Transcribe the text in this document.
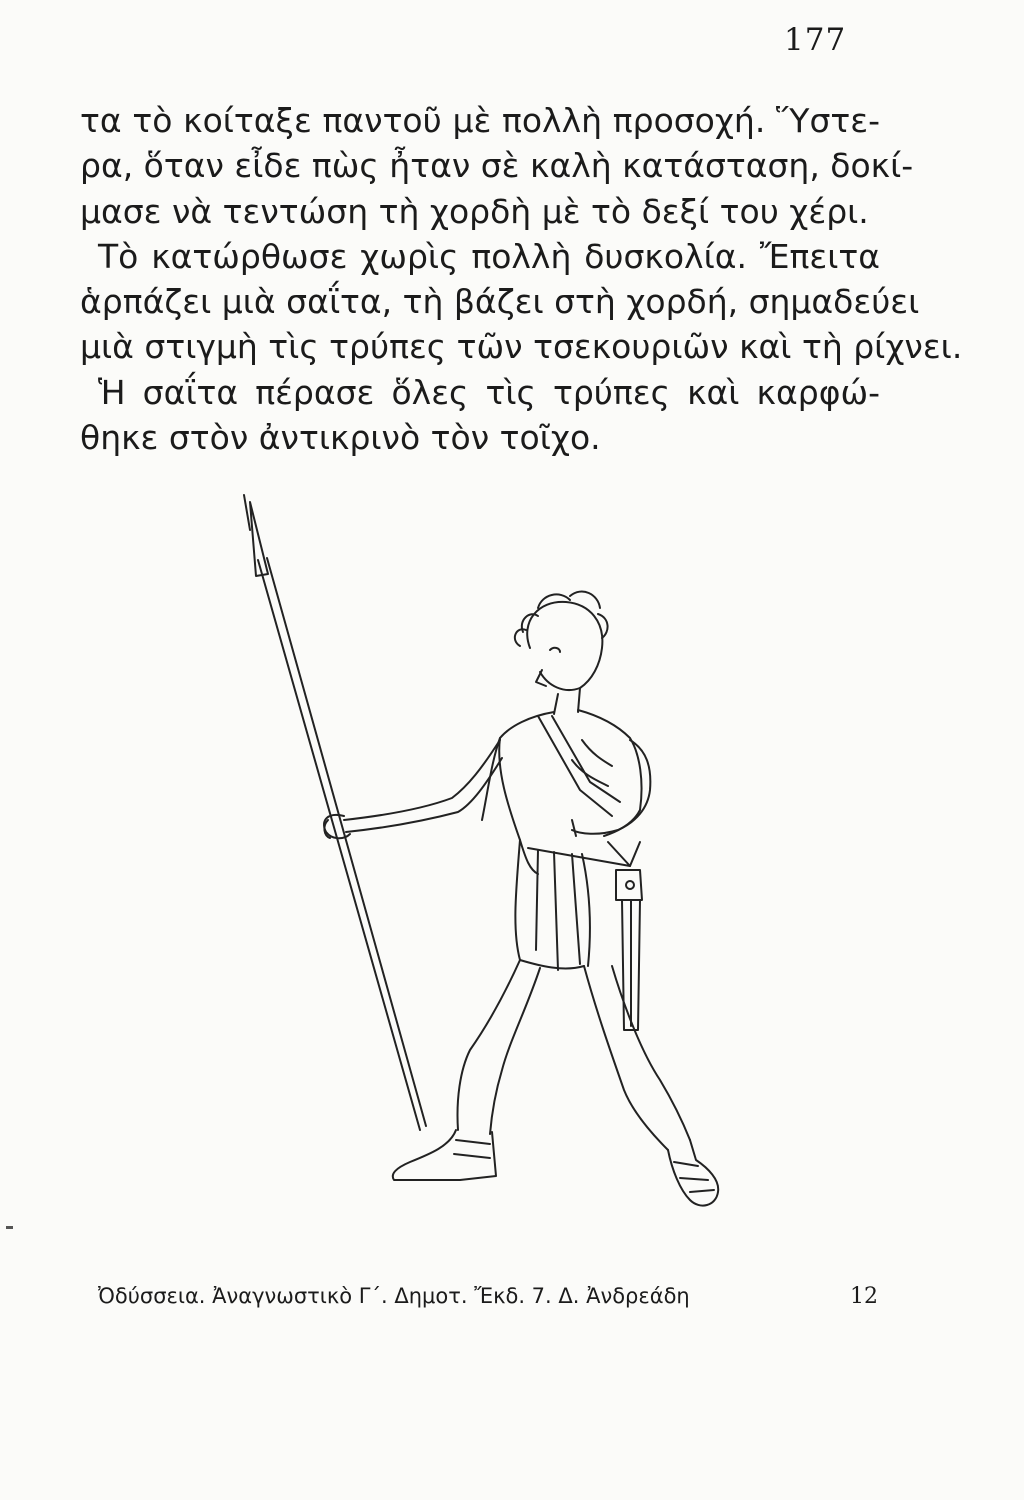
177
τα τὸ κοίταξε παντοῦ μὲ πολλὴ προσοχή. Ὕστε-
ρα, ὅταν εἶδε πὼς ἦταν σὲ καλὴ κατάσταση, δοκί-
μασε νὰ τεντώση τὴ χορδὴ μὲ τὸ δεξί του χέρι.
Τὸ κατώρθωσε χωρὶς πολλὴ δυσκολία. Ἔπειτα
ἁρπάζει μιὰ σαΐτα, τὴ βάζει στὴ χορδή, σημαδεύει
μιὰ στιγμὴ τὶς τρύπες τῶν τσεκουριῶν καὶ τὴ ρίχνει.
Ἡ σαΐτα πέρασε ὅλες τὶς τρύπες καὶ καρφώ-
θηκε στὸν ἀντικρινὸ τὸν τοῖχο.
Ὀδύσσεια. Ἀναγνωστικὸ Γ΄. Δημοτ. Ἔκδ. 7. Δ. Ἀνδρεάδη	12
